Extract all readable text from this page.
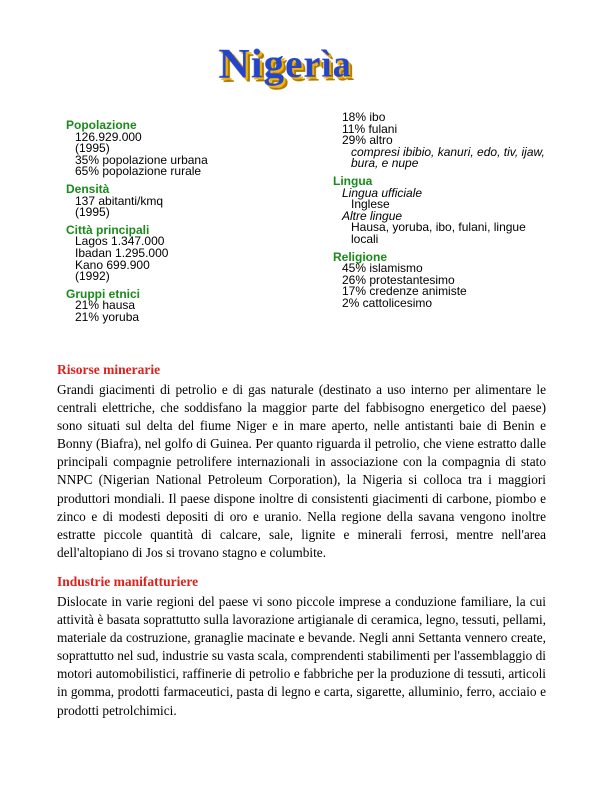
Nigerìa
Popolazione
126.929.000
(1995)
35% popolazione urbana
65% popolazione rurale
Densità
137 abitanti/kmq
(1995)
Città principali
Lagos 1.347.000
Ibadan 1.295.000
Kano 699.900
(1992)
Gruppi etnici
21% hausa
21% yoruba
18% ibo
11% fulani
29% altro
compresi ibibio, kanuri, edo, tiv, ijaw,
bura, e nupe
Lingua
Lingua ufficiale
Inglese
Altre lingue
Hausa, yoruba, ibo, fulani, lingue
locali
Religione
45% islamismo
26% protestantesimo
17% credenze animiste
2% cattolicesimo
Risorse minerarie
Grandi giacimenti di petrolio e di gas naturale (destinato a uso interno per alimentare le centrali elettriche, che soddisfano la maggior parte del fabbisogno energetico del paese) sono situati sul delta del fiume Niger e in mare aperto, nelle antistanti baie di Benin e Bonny (Biafra), nel golfo di Guinea. Per quanto riguarda il petrolio, che viene estratto dalle principali compagnie petrolifere internazionali in associazione con la compagnia di stato NNPC (Nigerian National Petroleum Corporation), la Nigeria si colloca tra i maggiori produttori mondiali. Il paese dispone inoltre di consistenti giacimenti di carbone, piombo e zinco e di modesti depositi di oro e uranio. Nella regione della savana vengono inoltre estratte piccole quantità di calcare, sale, lignite e minerali ferrosi, mentre nell'area dell'altopiano di Jos si trovano stagno e columbite.
Industrie manifatturiere
Dislocate in varie regioni del paese vi sono piccole imprese a conduzione familiare, la cui attività è basata soprattutto sulla lavorazione artigianale di ceramica, legno, tessuti, pellami, materiale da costruzione, granaglie macinate e bevande. Negli anni Settanta vennero create, soprattutto nel sud, industrie su vasta scala, comprendenti stabilimenti per l'assemblaggio di motori automobilistici, raffinerie di petrolio e fabbriche per la produzione di tessuti, articoli in gomma, prodotti farmaceutici, pasta di legno e carta, sigarette, alluminio, ferro, acciaio e prodotti petrolchimici.
